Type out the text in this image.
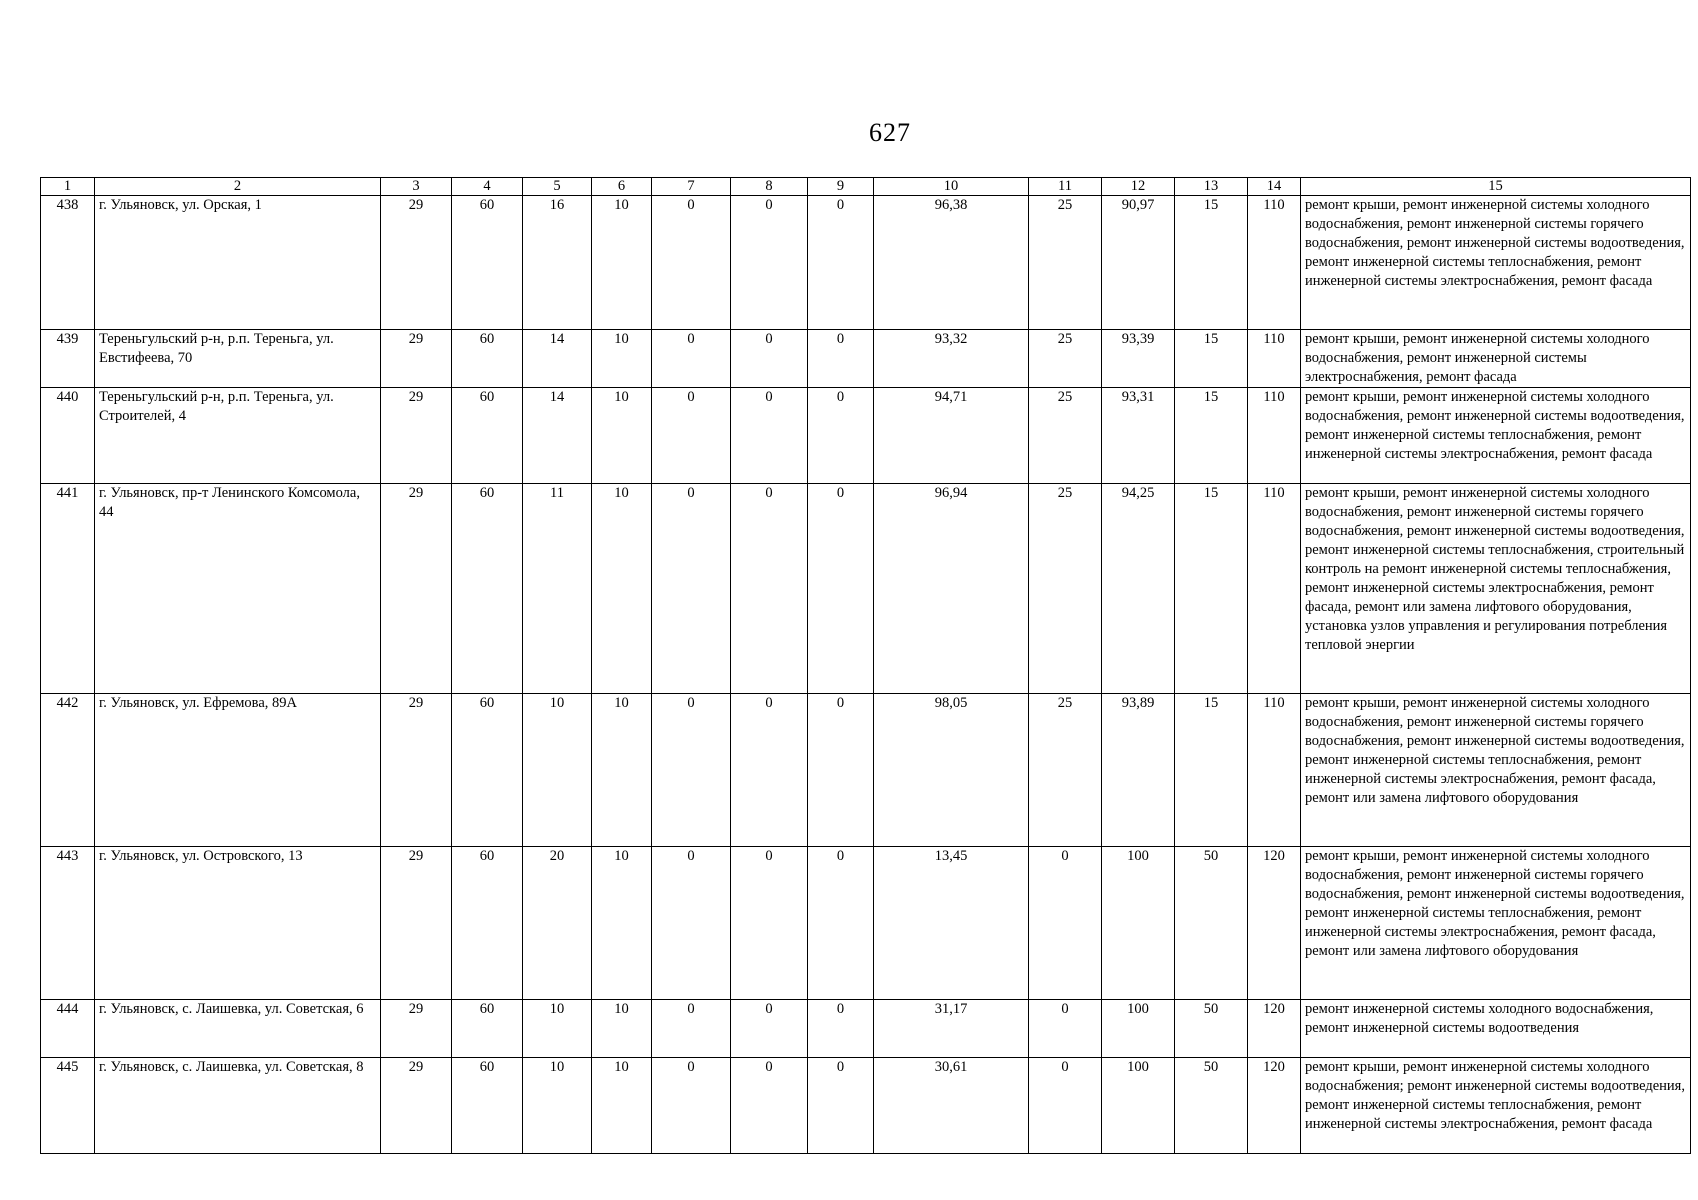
627
1	2	3	4	5	6	7	8	9	10	11	12	13	14	15
438	г. Ульяновск, ул. Орская, 1	29	60	16	10	0	0	0	96,38	25	90,97	15	110	ремонт крыши, ремонт инженерной системы холодного водоснабжения, ремонт инженерной системы горячего водоснабжения, ремонт инженерной системы водоотведения, ремонт инженерной системы теплоснабжения, ремонт инженерной системы электроснабжения, ремонт фасада
439	Тереньгульский р-н, р.п. Тереньга, ул. Евстифеева, 70	29	60	14	10	0	0	0	93,32	25	93,39	15	110	ремонт крыши, ремонт инженерной системы холодного водоснабжения, ремонт инженерной системы электроснабжения, ремонт фасада
440	Тереньгульский р-н, р.п. Тереньга, ул. Строителей, 4	29	60	14	10	0	0	0	94,71	25	93,31	15	110	ремонт крыши, ремонт инженерной системы холодного водоснабжения, ремонт инженерной системы водоотведения, ремонт инженерной системы теплоснабжения, ремонт инженерной системы электроснабжения, ремонт фасада
441	г. Ульяновск, пр-т Ленинского Комсомола, 44	29	60	11	10	0	0	0	96,94	25	94,25	15	110	ремонт крыши, ремонт инженерной системы холодного водоснабжения, ремонт инженерной системы горячего водоснабжения, ремонт инженерной системы водоотведения, ремонт инженерной системы теплоснабжения, строительный контроль на ремонт инженерной системы теплоснабжения, ремонт инженерной системы электроснабжения, ремонт фасада, ремонт или замена лифтового оборудования, установка узлов управления и регулирования потребления тепловой энергии
442	г. Ульяновск, ул. Ефремова, 89А	29	60	10	10	0	0	0	98,05	25	93,89	15	110	ремонт крыши, ремонт инженерной системы холодного водоснабжения, ремонт инженерной системы горячего водоснабжения, ремонт инженерной системы водоотведения, ремонт инженерной системы теплоснабжения, ремонт инженерной системы электроснабжения, ремонт фасада, ремонт или замена лифтового оборудования
443	г. Ульяновск, ул. Островского, 13	29	60	20	10	0	0	0	13,45	0	100	50	120	ремонт крыши, ремонт инженерной системы холодного водоснабжения, ремонт инженерной системы горячего водоснабжения, ремонт инженерной системы водоотведения, ремонт инженерной системы теплоснабжения, ремонт инженерной системы электроснабжения, ремонт фасада, ремонт или замена лифтового оборудования
444	г. Ульяновск, с. Лаишевка, ул. Советская, 6	29	60	10	10	0	0	0	31,17	0	100	50	120	ремонт инженерной системы холодного водоснабжения, ремонт инженерной системы водоотведения
445	г. Ульяновск, с. Лаишевка, ул. Советская, 8	29	60	10	10	0	0	0	30,61	0	100	50	120	ремонт крыши, ремонт инженерной системы холодного водоснабжения; ремонт инженерной системы водоотведения, ремонт инженерной системы теплоснабжения, ремонт инженерной системы электроснабжения, ремонт фасада
